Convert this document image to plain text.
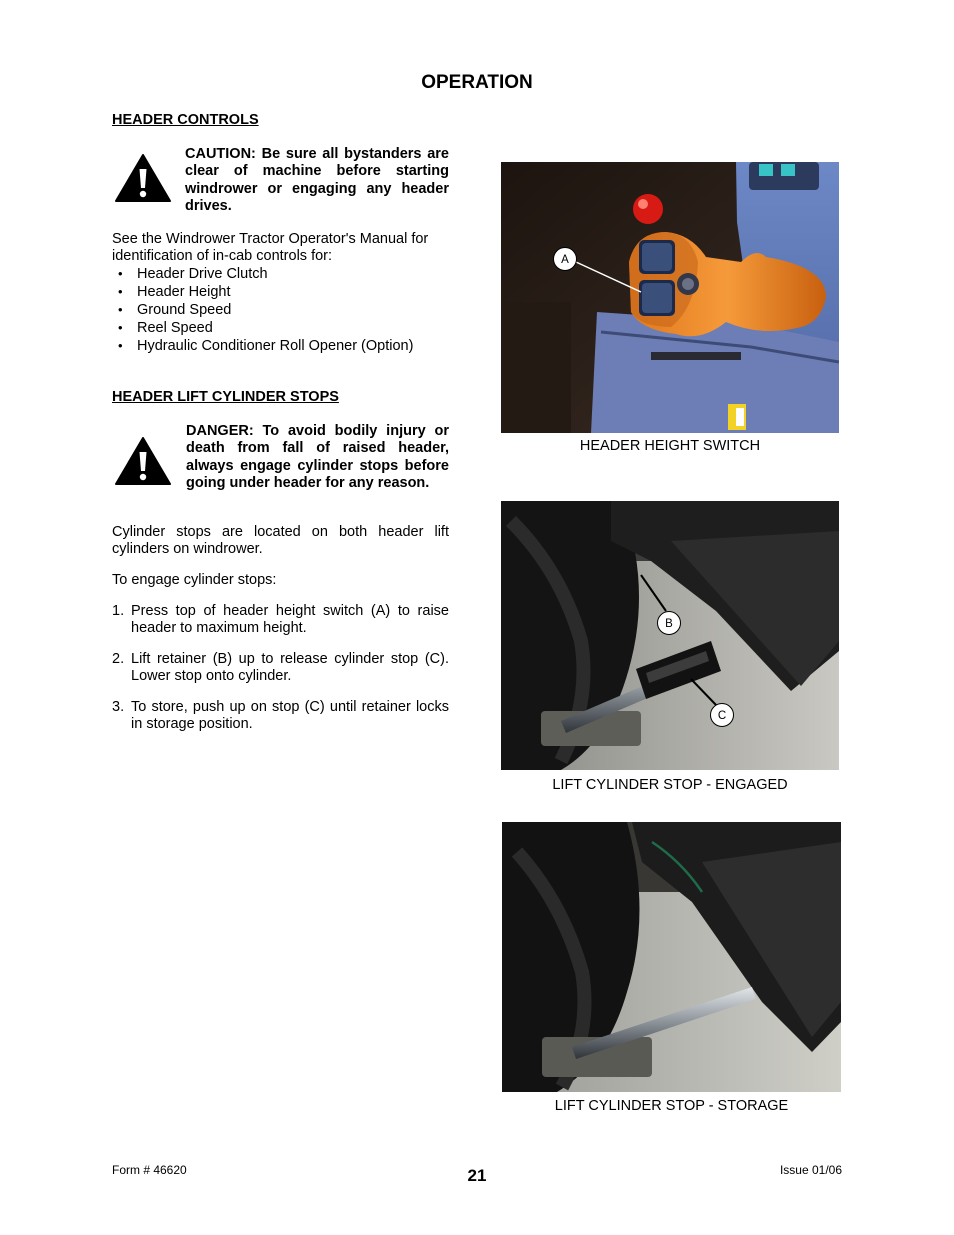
OPERATION
HEADER CONTROLS
CAUTION: Be sure all bystanders are clear of machine before starting windrower or engaging any header drives.
See the Windrower Tractor Operator's Manual for identification of in-cab controls for:
• Header Drive Clutch
• Header Height
• Ground Speed
• Reel Speed
• Hydraulic Conditioner Roll Opener (Option)
HEADER LIFT CYLINDER STOPS
DANGER: To avoid bodily injury or death from fall of raised header, always engage cylinder stops before going under header for any reason.
Cylinder stops are located on both header lift cylinders on windrower.
To engage cylinder stops:
1. Press top of header height switch (A) to raise header to maximum height.
2. Lift retainer (B) up to release cylinder stop (C). Lower stop onto cylinder.
3. To store, push up on stop (C) until retainer locks in storage position.
A
HEADER HEIGHT SWITCH
B
C
LIFT CYLINDER STOP - ENGAGED
LIFT CYLINDER STOP - STORAGE
Form # 46620	21	Issue 01/06
